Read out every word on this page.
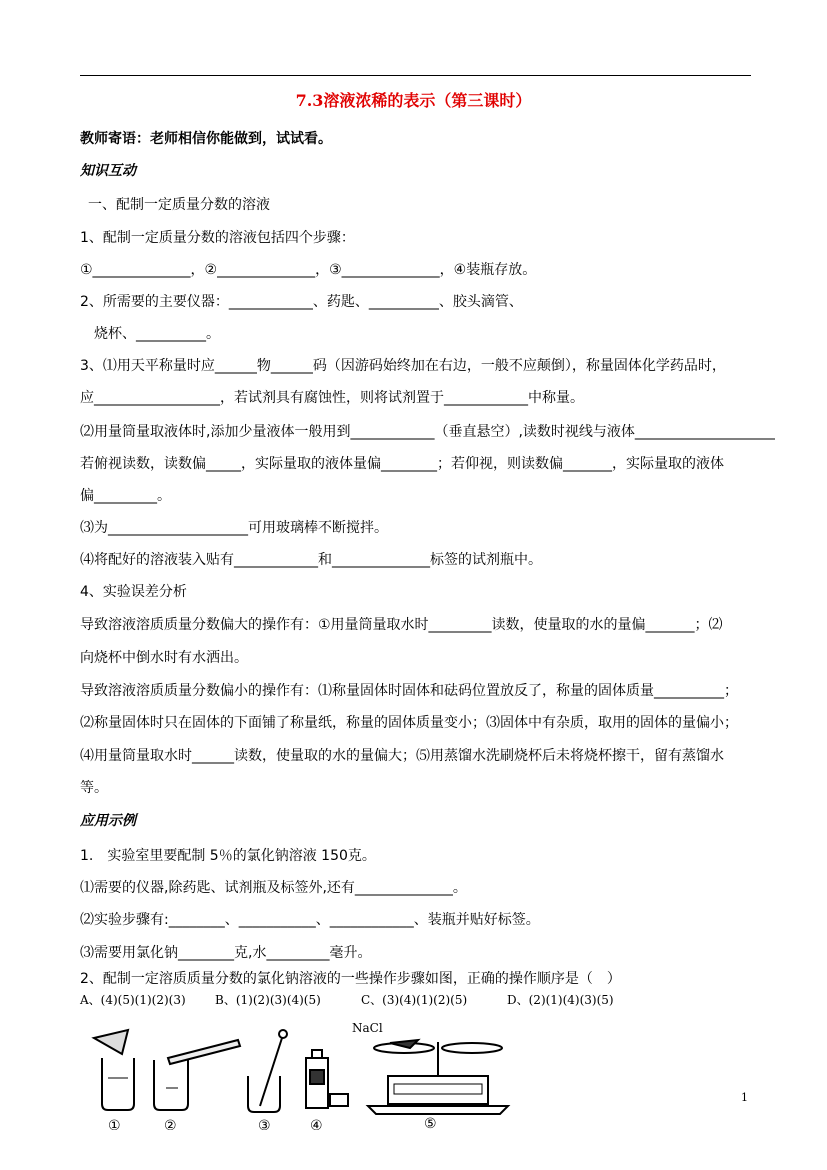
7.3溶液浓稀的表示（第三课时）
教师寄语：老师相信你能做到，试试看。
知识互动
一、配制一定质量分数的溶液
1、配制一定质量分数的溶液包括四个步骤：
①______________，②______________，③______________，④装瓶存放。
2、所需要的主要仪器：____________、药匙、__________、胶头滴管、
烧杯、__________。
3、⑴用天平称量时应______物______码（因游码始终加在右边，一般不应颠倒），称量固体化学药品时，
应__________________，若试剂具有腐蚀性，则将试剂置于____________中称量。
⑵用量筒量取液体时,添加少量液体一般用到____________（垂直悬空）,读数时视线与液体____________________
若俯视读数，读数偏_____，实际量取的液体量偏________；若仰视，则读数偏_______，实际量取的液体
偏_________。
⑶为____________________可用玻璃棒不断搅拌。
⑷将配好的溶液装入贴有____________和______________标签的试剂瓶中。
4、实验误差分析
导致溶液溶质质量分数偏大的操作有：①用量筒量取水时_________读数，使量取的水的量偏_______；⑵
向烧杯中倒水时有水洒出。
导致溶液溶质质量分数偏小的操作有：⑴称量固体时固体和砝码位置放反了，称量的固体质量__________；
⑵称量固体时只在固体的下面铺了称量纸，称量的固体质量变小；⑶固体中有杂质，取用的固体的量偏小；
⑷用量筒量取水时______读数，使量取的水的量偏大；⑸用蒸馏水洗刷烧杯后未将烧杯擦干，留有蒸馏水
等。
应用示例
1.　实验室里要配制 5％的氯化钠溶液 150克。
⑴需要的仪器,除药匙、试剂瓶及标签外,还有______________。
⑵实验步骤有:________、___________、____________、装瓶并贴好标签。
⑶需要用氯化钠________克,水_________毫升。
2、配制一定溶质质量分数的氯化钠溶液的一些操作步骤如图，正确的操作顺序是（　）
A、(4)(5)(1)(2)(3) B、(1)(2)(3)(4)(5)	C、(3)(4)(1)(2)(5)	D、(2)(1)(4)(3)(5)
NaCl
①	②	③	④	⑤
1
